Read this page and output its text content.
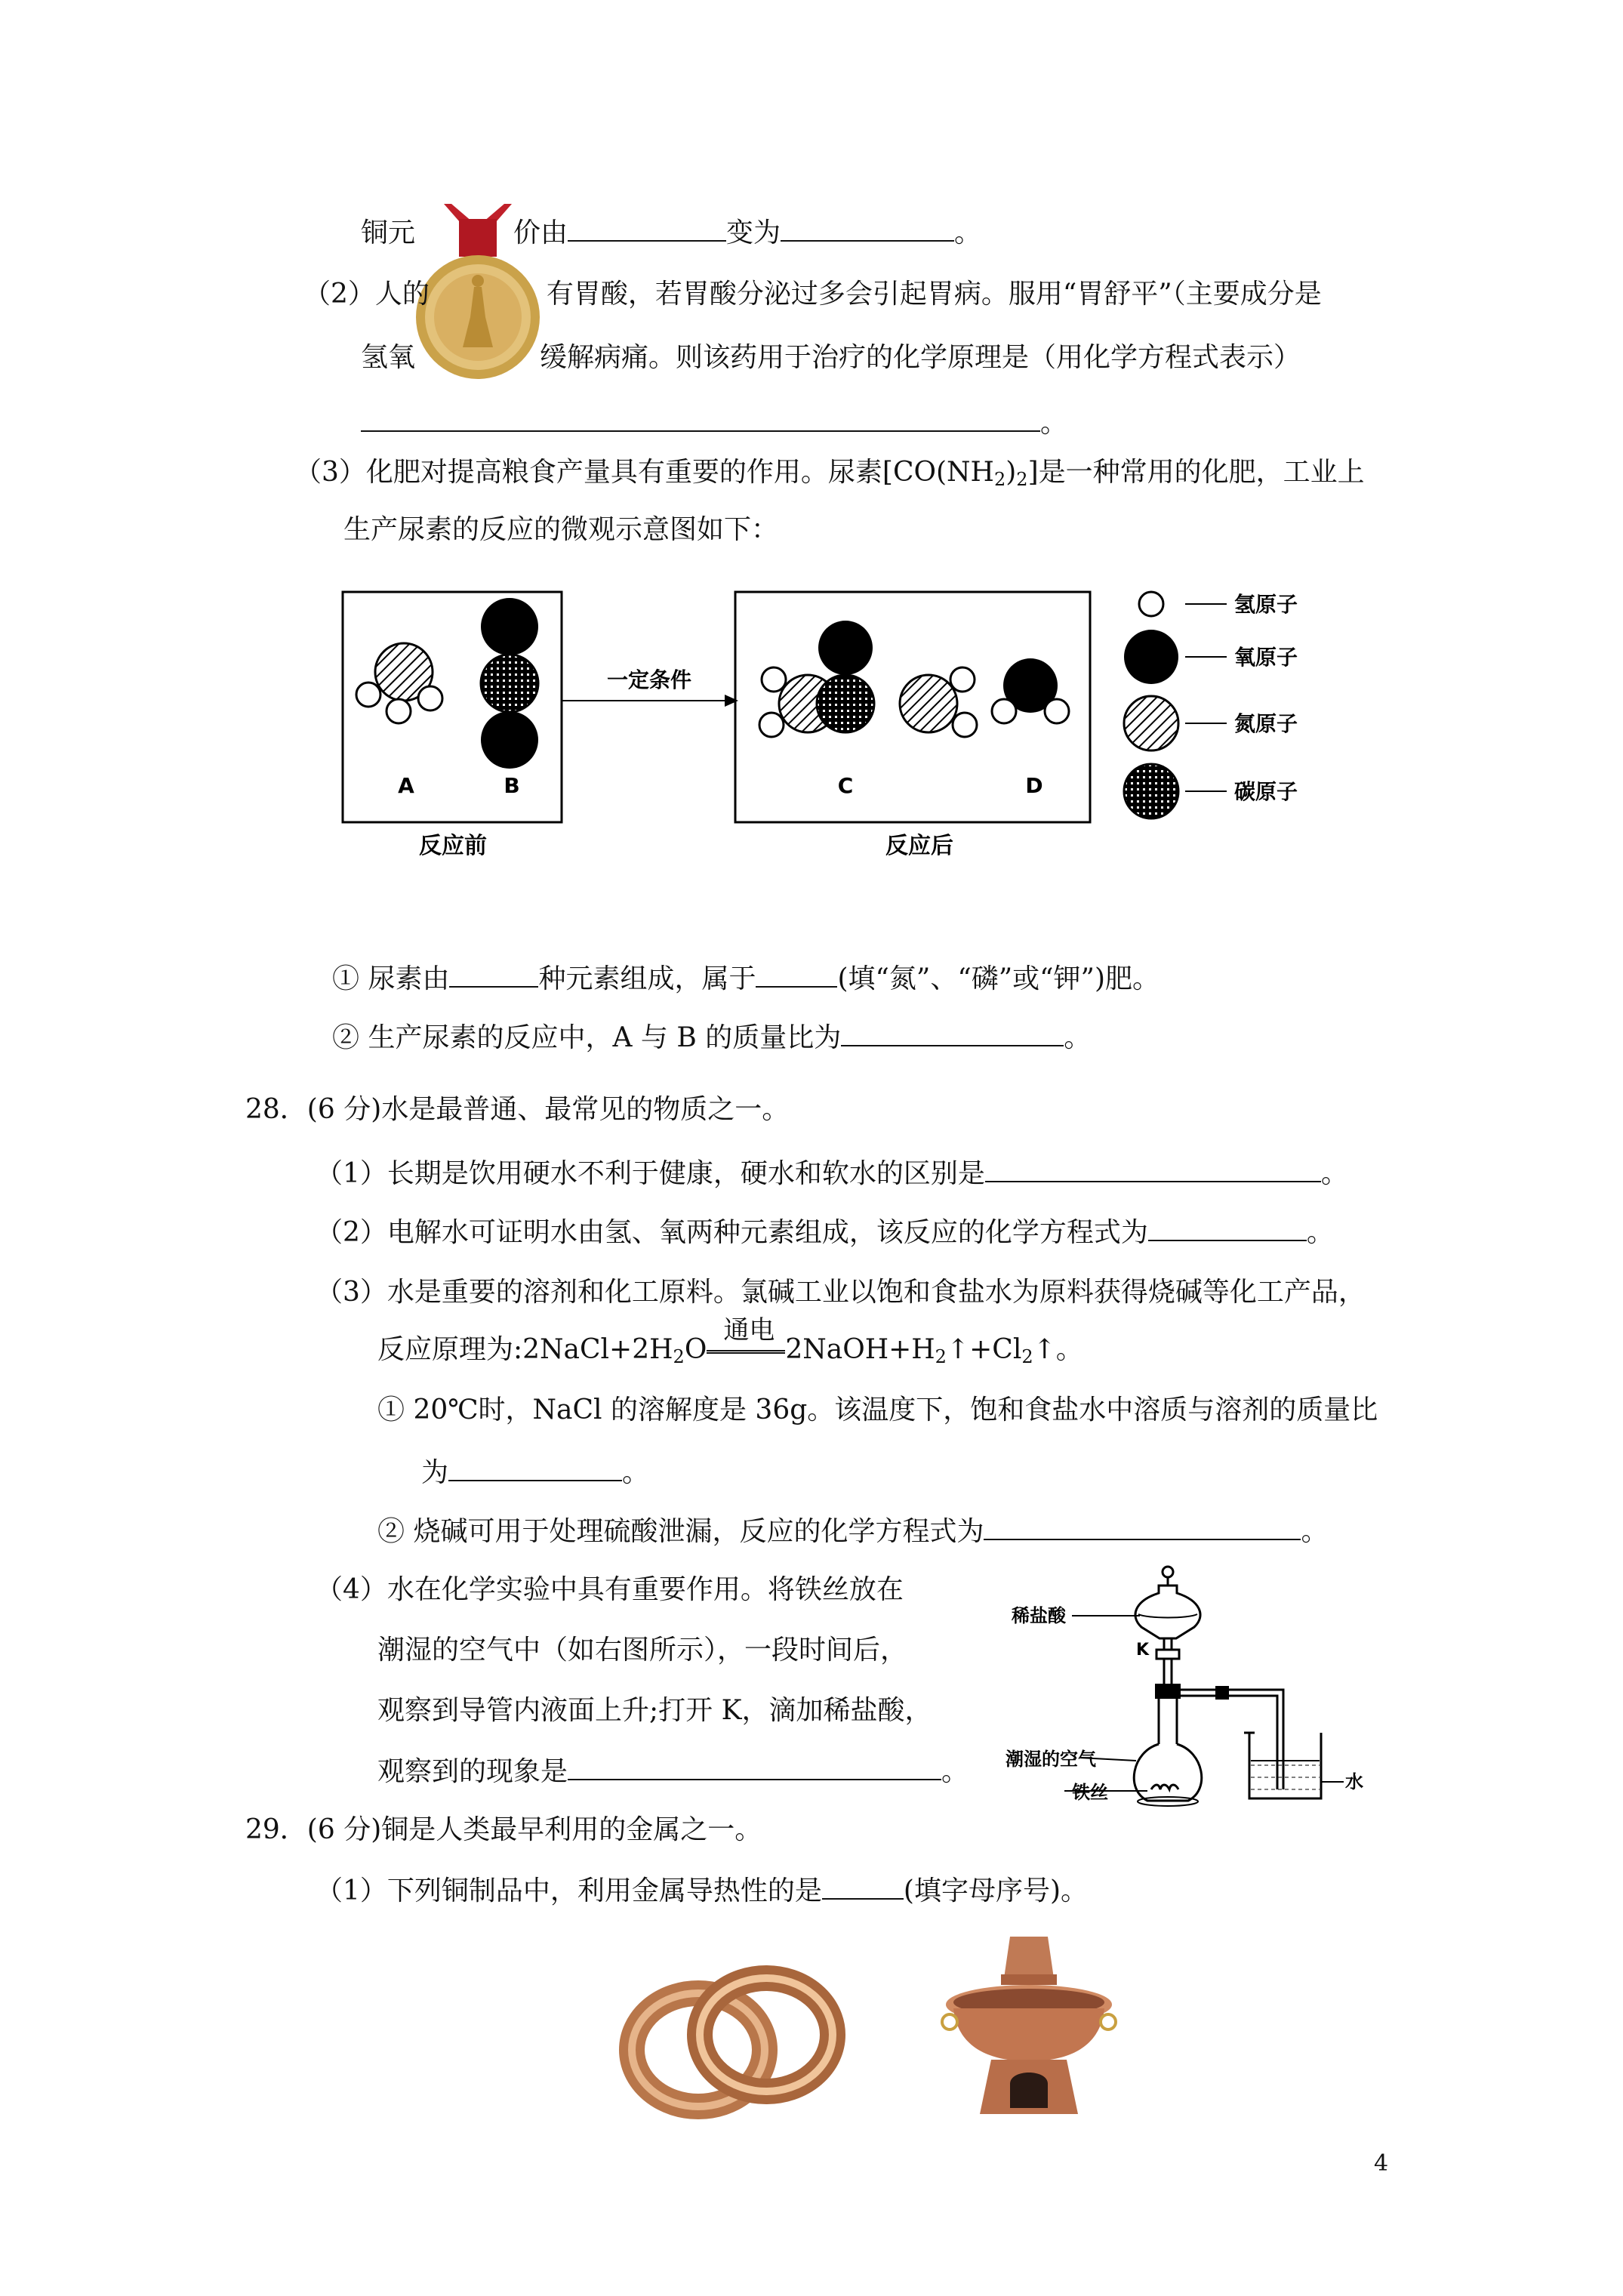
铜元	价由	变为	。
（2）人的	有胃酸，若胃酸分泌过多会引起胃病。服用“胃舒平”（主要成分是
氢氧	缓解病痛。则该药用于治疗的化学原理是（用化学方程式表示）
。
（3）化肥对提高粮食产量具有重要的作用。尿素$[CO(NH_2)_2]$是一种常用的化肥，工业上
生产尿素的反应的微观示意图如下：
A	B
反应前
一定条件
C	D
反应后
氢原子
氧原子
氮原子
碳原子
① 尿素由	种元素组成，属于	(填“氮”、“磷”或“钾”)肥。
② 生产尿素的反应中，A 与 B 的质量比为	。
28．(6 分)水是最普通、最常见的物质之一。
（1）长期是饮用硬水不利于健康，硬水和软水的区别是	。
（2）电解水可证明水由氢、氧两种元素组成，该反应的化学方程式为	。
（3）水是重要的溶剂和化工原料。氯碱工业以饱和食盐水为原料获得烧碱等化工产品，
反应原理为$:2NaCl+2H_2O$
通电
$2NaOH+H_2↑+Cl_2↑$。
① 20℃时，NaCl 的溶解度是 36g。该温度下，饱和食盐水中溶质与溶剂的质量比
为	。
② 烧碱可用于处理硫酸泄漏，反应的化学方程式为	。
（4）水在化学实验中具有重要作用。将铁丝放在
潮湿的空气中（如右图所示），一段时间后，
观察到导管内液面上升;打开 K，滴加稀盐酸，
观察到的现象是	。
K
稀盐酸
潮湿的空气
铁丝	水
29．(6 分)铜是人类最早利用的金属之一。
（1）下列铜制品中，利用金属导热性的是	(填字母序号)。
4
